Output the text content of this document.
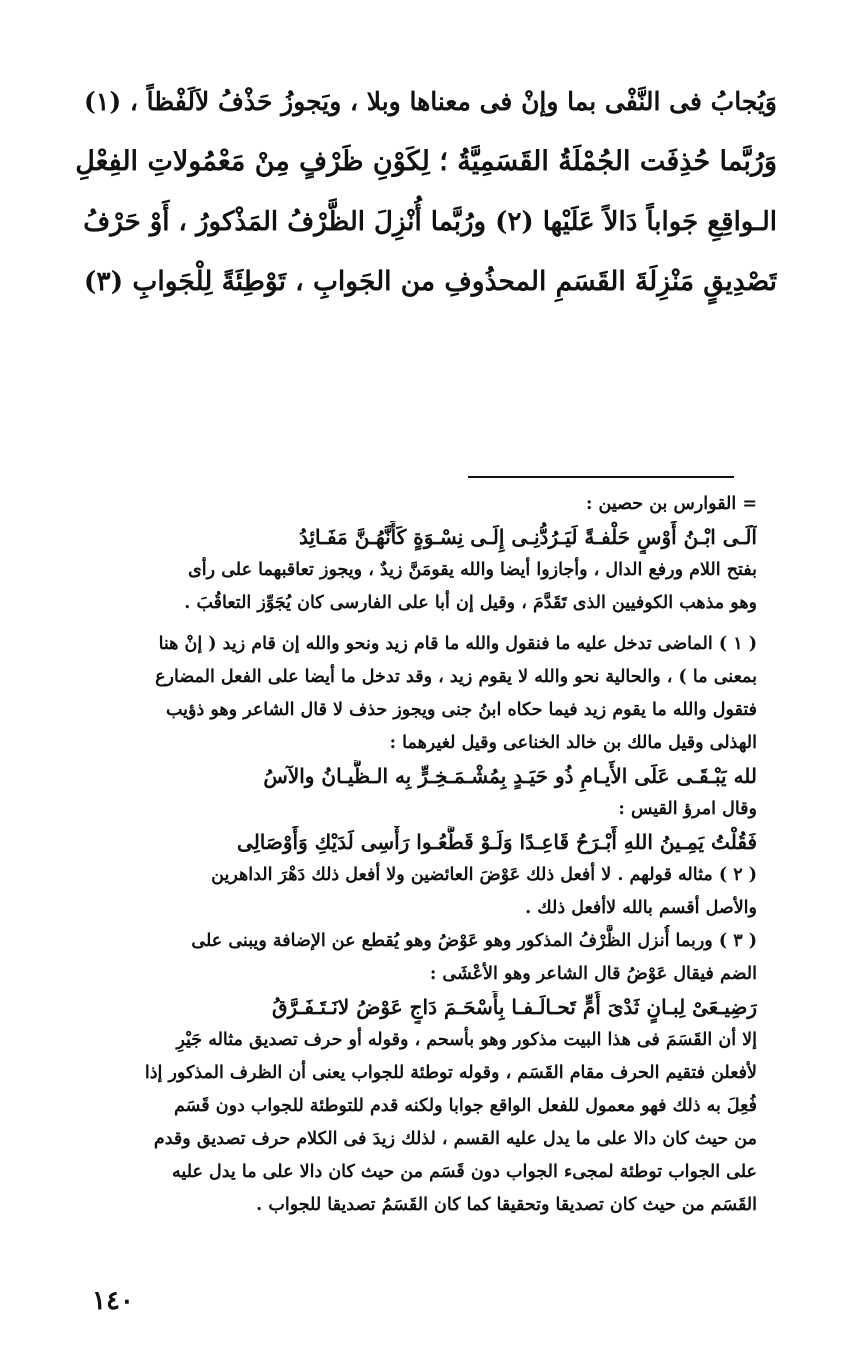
وَيُجابُ فى النَّفْى بما وإنْ فى معناها وبلا ، ويَجوزُ حَذْفُ لاَلَفْظاً ، (١)

وَرُبَّما حُذِفَت الجُمْلَةُ القَسَمِيَّةُ ؛ لِكَوْنِ ظَرْفٍ مِنْ مَعْمُولاتِ الفِعْلِ

الـواقِعِ جَواباً دَالاً عَلَيْها (٢) ورُبَّما أُنْزِلَ الظَّرْفُ المَذْكورُ ، أَوْ حَرْفُ

تَصْدِيقٍ مَنْزِلَةَ القَسَمِ المحذُوفِ من الجَوابِ ، تَوْطِئَةً لِلْجَوابِ (٣)

= القوارس بن حصين :

آلَـى ابْـنُ أَوْسٍ حَلْفـةً لَيَـرُدُّنِـى إِلَـى نِسْـوَةٍ كَأَنَّهُـنَّ مَفَـائِدُ

بفتح اللام ورفع الدال ، وأجازوا أيضا والله يقومَنَّ زيدٌ ، ويجوز تعاقبهما على رأى

وهو مذهب الكوفيين الذى تَقَدَّمَ ، وقيل إن أبا على الفارسى كان يُجَوِّز التعاقُبَ .

( ١ ) الماضى تدخل عليه ما فنقول والله ما قام زيد ونحو والله إن قام زيد ( إنْ هنا

بمعنى ما ) ، والحالية نحو والله لا يقوم زيد ، وقد تدخل ما أيضا على الفعل المضارع

فتقول والله ما يقوم زيد فيما حكاه ابنُ جنى ويجوز حذف لا قال الشاعر وهو ذؤيب

الهذلى وقيل مالك بن خالد الخناعى وقيل لغيرهما :

لله يَبْـقَـى عَلَى الأَيـامِ ذُو حَيَـدٍ بِمُشْـمَـخِـرٍّ بِه الـظَّيـانُ والآسُ

وقال امرؤ القيس :

فَقُلْتُ يَمِـينُ اللهِ أَبْـرَحُ قَاعِـدًا وَلَـوْ قَطَّعُـوا رَأْسِى لَدَيْكِ وَأَوْصَالِى

( ٢ ) مثاله قولهم . لا أفعل ذلك عَوْضَ العائضين ولا أفعل ذلك دَهْرَ الداهرين

والأصل أقسم بالله لاأفعل ذلك .

( ٣ ) وربما أُنزل الظَّرْفُ المذكور وهو عَوْضُ وهو يُقطع عن الإضافة ويبنى على

الضم فيقال عَوْضُ قال الشاعر وهو الأعْشَى :

رَضِيـعَىْ لِبـانٍ ثَدْىَ أُمٍّ تَحـالَـفـا بِأَسْحَـمَ دَاجٍ عَوْضُ لانَـتَـفَـرَّقُ

إلا أن القَسَمَ فى هذا البيت مذكور وهو بأسحم ، وقوله أو حرف تصديق مثاله جَيْرِ

لأفعلن فتقيم الحرف مقام القَسَم ، وقوله توطئة للجواب يعنى أن الظرف المذكور إذا

فُعِلَ به ذلك فهو معمول للفعل الواقع جوابا ولكنه قدم للتوطئة للجواب دون قَسَم

من حيث كان دالا على ما يدل عليه القسم ، لذلك زيدَ فى الكلام حرف تصديق وقدم

على الجواب توطئة لمجىء الجواب دون قَسَم من حيث كان دالا على ما يدل عليه

القَسَم من حيث كان تصديقا وتحقيقا كما كان القَسَمُ تصديقا للجواب .

١٤٠
